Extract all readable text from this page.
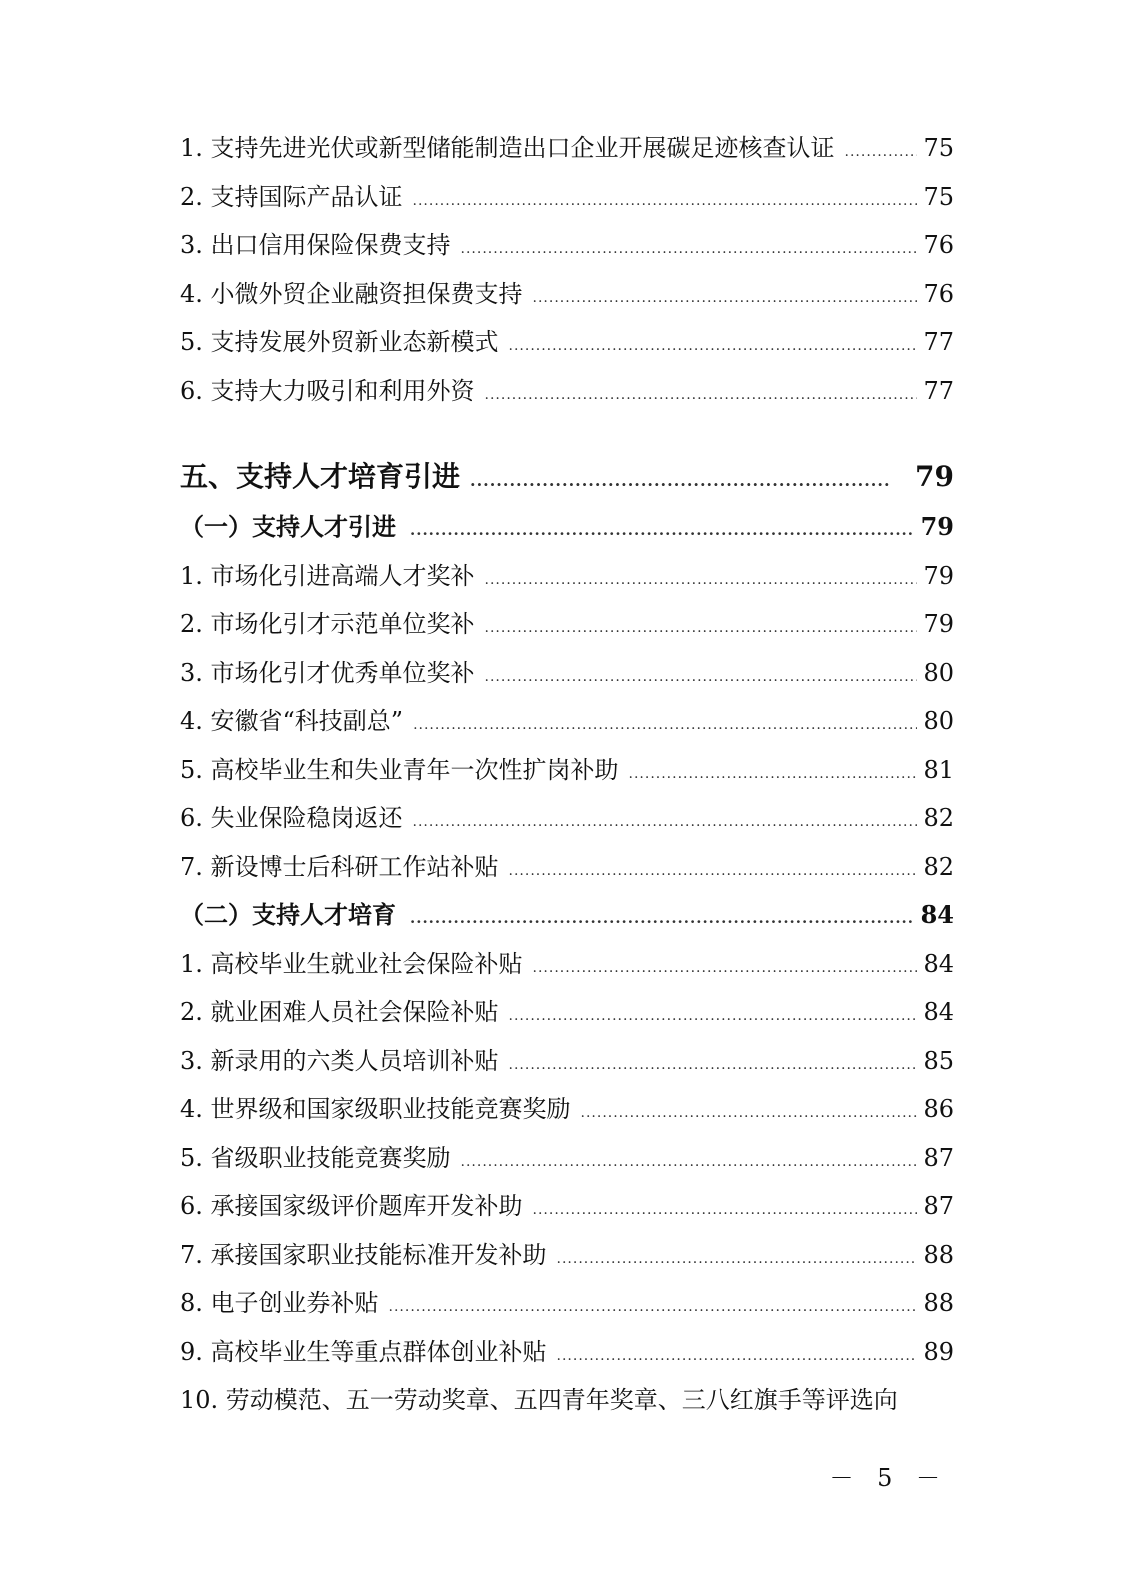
1. 支持先进光伏或新型储能制造出口企业开展碳足迹核查认证 .....	75
2. 支持国际产品认证 .....	75
3. 出口信用保险保费支持 .....	76
4. 小微外贸企业融资担保费支持 .....	76
5. 支持发展外贸新业态新模式 .....	77
6. 支持大力吸引和利用外资 .....	77
五、支持人才培育引进 .....	79
（一）支持人才引进 .....	79
1. 市场化引进高端人才奖补 .....	79
2. 市场化引才示范单位奖补 .....	79
3. 市场化引才优秀单位奖补 .....	80
4. 安徽省“科技副总” .....	80
5. 高校毕业生和失业青年一次性扩岗补助 .....	81
6. 失业保险稳岗返还 .....	82
7. 新设博士后科研工作站补贴 .....	82
（二）支持人才培育 .....	84
1. 高校毕业生就业社会保险补贴 .....	84
2. 就业困难人员社会保险补贴 .....	84
3. 新录用的六类人员培训补贴 .....	85
4. 世界级和国家级职业技能竞赛奖励 .....	86
5. 省级职业技能竞赛奖励 .....	87
6. 承接国家级评价题库开发补助 .....	87
7. 承接国家职业技能标准开发补助 .....	88
8. 电子创业券补贴 .....	88
9. 高校毕业生等重点群体创业补贴 .....	89
10. 劳动模范、五一劳动奖章、五四青年奖章、三八红旗手等评选向
－ 5 －
